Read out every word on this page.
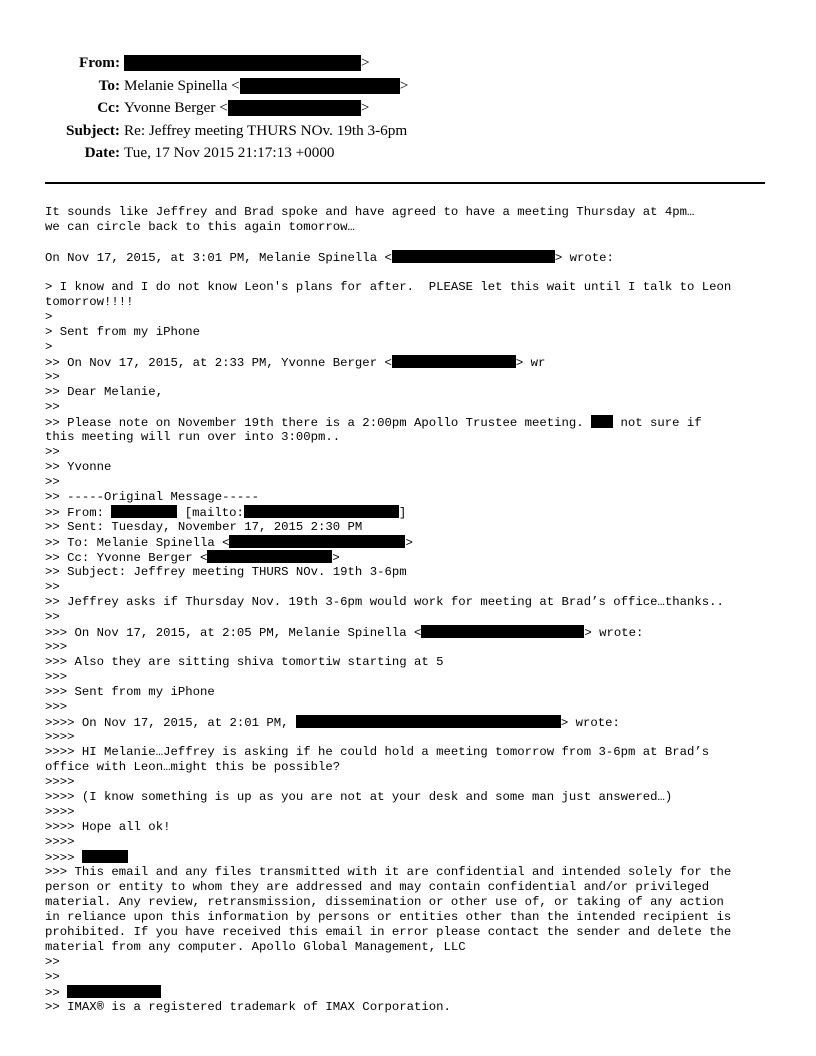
From:	>
To: Melanie Spinella <	>
Cc: Yvonne Berger <	>
Subject: Re: Jeffrey meeting THURS NOv. 19th 3-6pm
Date: Tue, 17 Nov 2015 21:17:13 +0000
It sounds like Jeffrey and Brad spoke and have agreed to have a meeting Thursday at 4pm…
we can circle back to this again tomorrow…
On Nov 17, 2015, at 3:01 PM, Melanie Spinella <	> wrote:
> I know and I do not know Leon's plans for after.  PLEASE let this wait until I talk to Leon
tomorrow!!!!
>
> Sent from my iPhone
>
>> On Nov 17, 2015, at 2:33 PM, Yvonne Berger <	> wr
>>
>> Dear Melanie,
>>
>> Please note on November 19th there is a 2:00pm Apollo Trustee meeting.  not sure if
this meeting will run over into 3:00pm..
>>
>> Yvonne
>>
>> -----Original Message-----
>> From:	[mailto:	]
>> Sent: Tuesday, November 17, 2015 2:30 PM
>> To: Melanie Spinella <	>
>> Cc: Yvonne Berger <	>
>> Subject: Jeffrey meeting THURS NOv. 19th 3-6pm
>>
>> Jeffrey asks if Thursday Nov. 19th 3-6pm would work for meeting at Brad’s office…thanks..
>>
>>> On Nov 17, 2015, at 2:05 PM, Melanie Spinella <	> wrote:
>>>
>>> Also they are sitting shiva tomortiw starting at 5
>>>
>>> Sent from my iPhone
>>>
>>>> On Nov 17, 2015, at 2:01 PM,	> wrote:
>>>>
>>>> HI Melanie…Jeffrey is asking if he could hold a meeting tomorrow from 3-6pm at Brad’s
office with Leon…might this be possible?
>>>>
>>>> (I know something is up as you are not at your desk and some man just answered…)
>>>>
>>>> Hope all ok!
>>>>
>>>>
>>> This email and any files transmitted with it are confidential and intended solely for the
person or entity to whom they are addressed and may contain confidential and/or privileged
material. Any review, retransmission, dissemination or other use of, or taking of any action
in reliance upon this information by persons or entities other than the intended recipient is
prohibited. If you have received this email in error please contact the sender and delete the
material from any computer. Apollo Global Management, LLC
>>
>>
>>
>> IMAX® is a registered trademark of IMAX Corporation.
